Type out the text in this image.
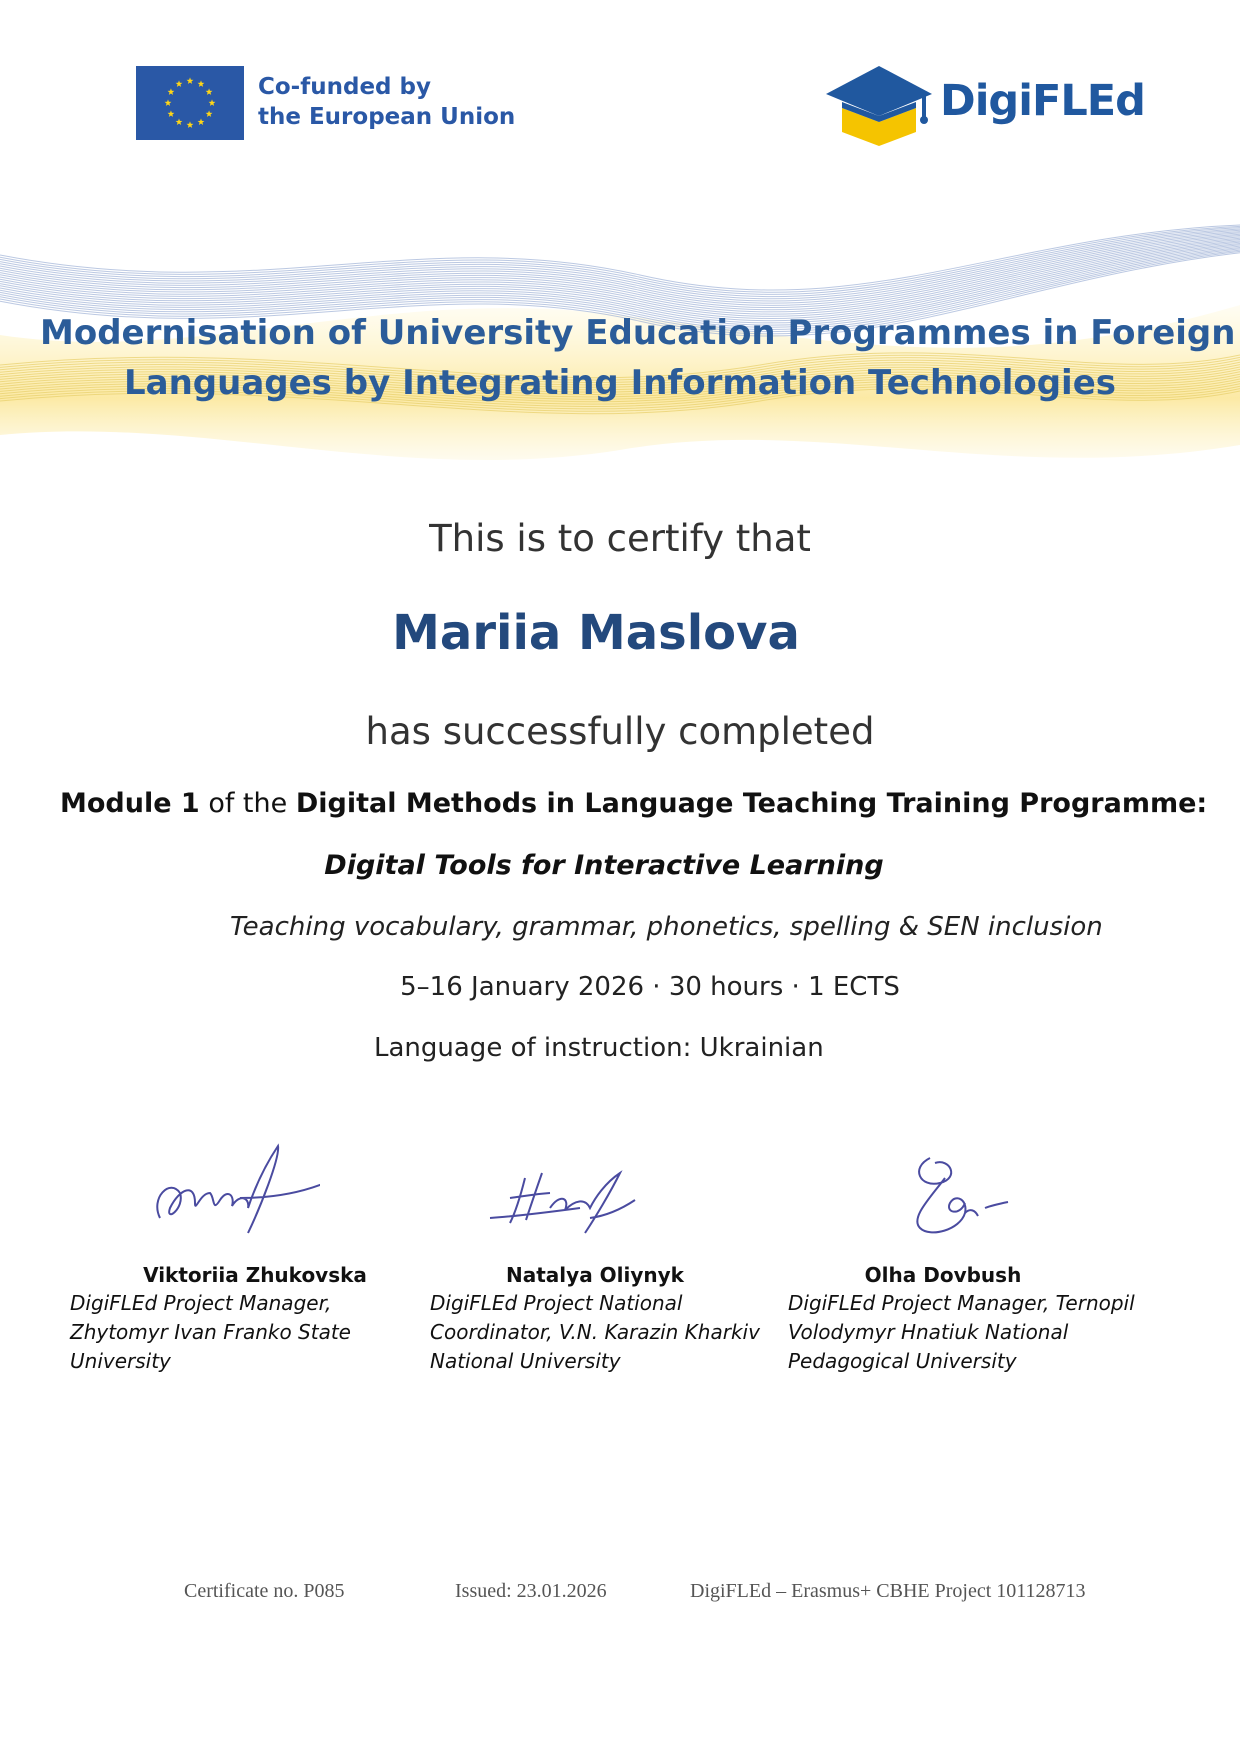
Co-funded by
the European Union	DigiFLEd
Modernisation of University Education Programmes in Foreign
Languages by Integrating Information Technologies
This is to certify that
Mariia Maslova
has successfully completed
Module 1 of the Digital Methods in Language Teaching Training Programme:
Digital Tools for Interactive Learning
Teaching vocabulary, grammar, phonetics, spelling & SEN inclusion
5–16 January 2026 · 30 hours · 1 ECTS
Language of instruction: Ukrainian
Viktoriia Zhukovska
DigiFLEd Project Manager, Zhytomyr Ivan Franko State University
Natalya Oliynyk
DigiFLEd Project National Coordinator, V.N. Karazin Kharkiv National University
Olha Dovbush
DigiFLEd Project Manager, Ternopil Volodymyr Hnatiuk National Pedagogical University
Certificate no. P085	Issued: 23.01.2026	DigiFLEd – Erasmus+ CBHE Project 101128713
